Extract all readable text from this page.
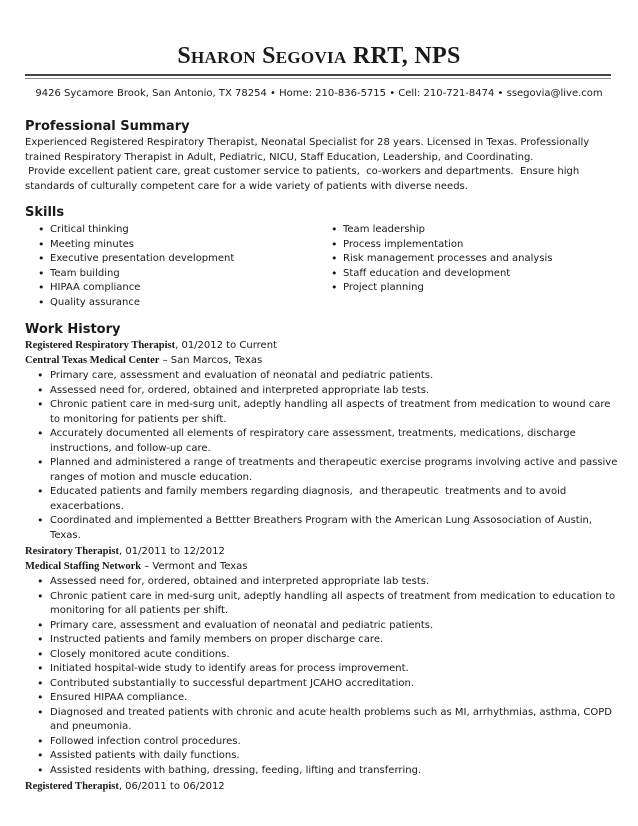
Sharon Segovia RRT, NPS
9426 Sycamore Brook, San Antonio, TX 78254 • Home: 210-836-5715 • Cell: 210-721-8474 • ssegovia@live.com
Professional Summary
Experienced Registered Respiratory Therapist, Neonatal Specialist for 28 years. Licensed in Texas. Professionally
trained Respiratory Therapist in Adult, Pediatric, NICU, Staff Education, Leadership, and Coordinating.
Provide excellent patient care, great customer service to patients,  co-workers and departments.  Ensure high
standards of culturally competent care for a wide variety of patients with diverse needs.
Skills
• Critical thinking
• Meeting minutes
• Executive presentation development
• Team building
• HIPAA compliance
• Quality assurance
• Team leadership
• Process implementation
• Risk management processes and analysis
• Staff education and development
• Project planning
Work History
Registered Respiratory Therapist, 01/2012 to Current
Central Texas Medical Center – San Marcos, Texas
• Primary care, assessment and evaluation of neonatal and pediatric patients.
• Assessed need for, ordered, obtained and interpreted appropriate lab tests.
• Chronic patient care in med-surg unit, adeptly handling all aspects of treatment from medication to wound care
to monitoring for patients per shift.
• Accurately documented all elements of respiratory care assessment, treatments, medications, discharge
instructions, and follow-up care.
• Planned and administered a range of treatments and therapeutic exercise programs involving active and passive
ranges of motion and muscle education.
• Educated patients and family members regarding diagnosis,  and therapeutic  treatments and to avoid
exacerbations.
• Coordinated and implemented a Bettter Breathers Program with the American Lung Assosociation of Austin,
Texas.
Resiratory Therapist, 01/2011 to 12/2012
Medical Staffing Network – Vermont and Texas
• Assessed need for, ordered, obtained and interpreted appropriate lab tests.
• Chronic patient care in med-surg unit, adeptly handling all aspects of treatment from medication to education to
monitoring for all patients per shift.
• Primary care, assessment and evaluation of neonatal and pediatric patients.
• Instructed patients and family members on proper discharge care.
• Closely monitored acute conditions.
• Initiated hospital-wide study to identify areas for process improvement.
• Contributed substantially to successful department JCAHO accreditation.
• Ensured HIPAA compliance.
• Diagnosed and treated patients with chronic and acute health problems such as MI, arrhythmias, asthma, COPD
and pneumonia.
• Followed infection control procedures.
• Assisted patients with daily functions.
• Assisted residents with bathing, dressing, feeding, lifting and transferring.
Registered Therapist, 06/2011 to 06/2012
